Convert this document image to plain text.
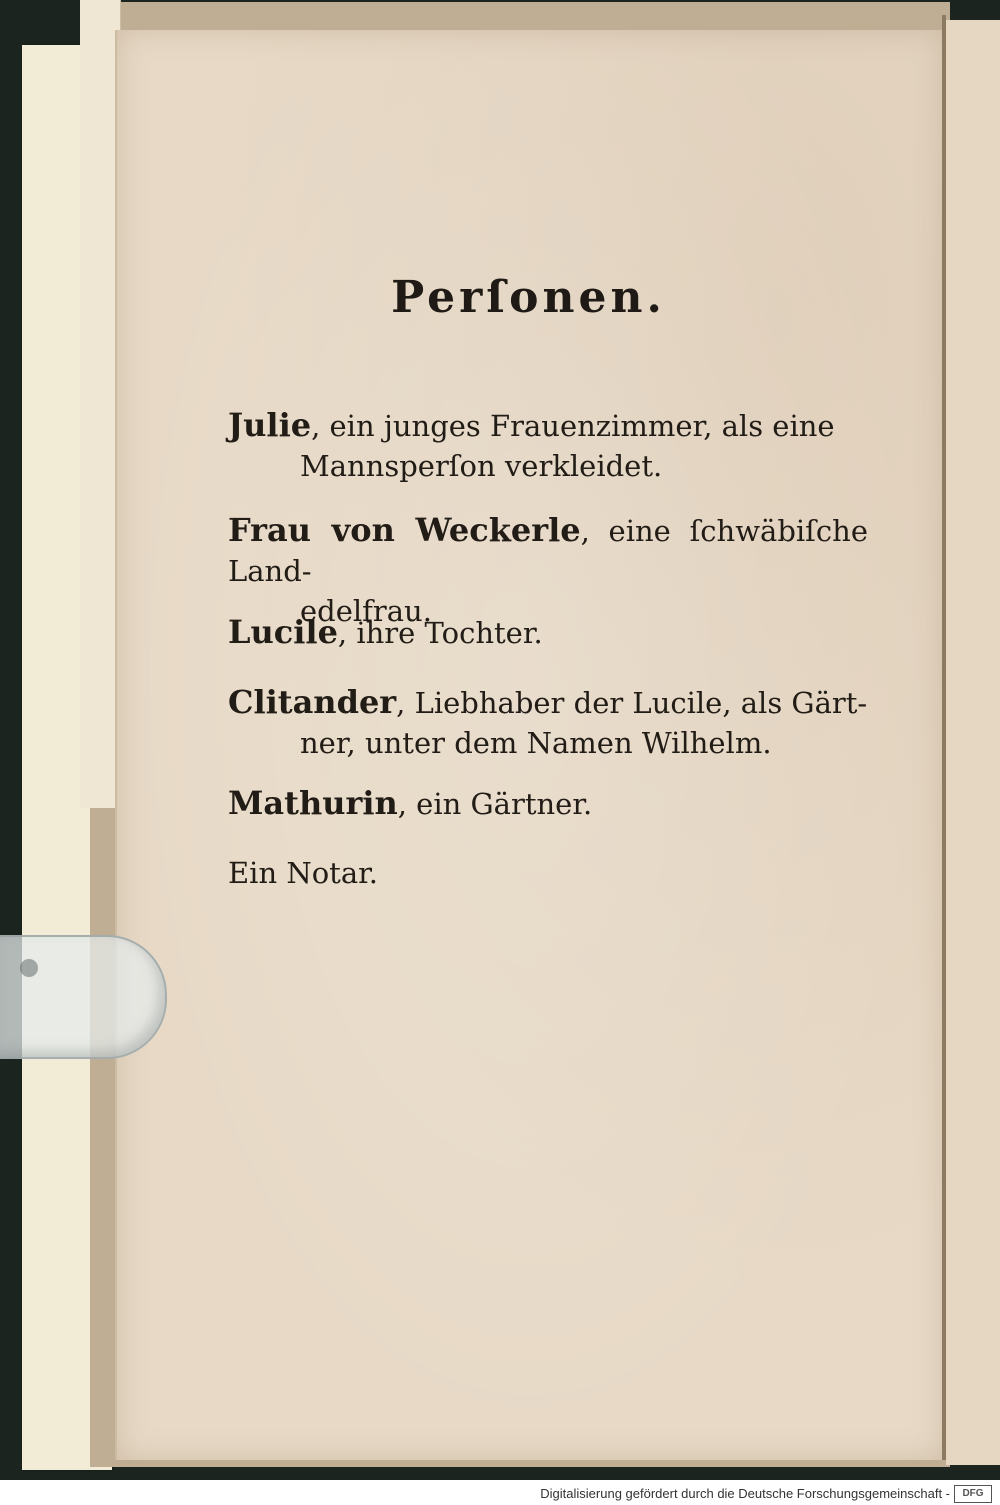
Perſonen.
Julie, ein junges Frauenzimmer, als eine
Mannsperſon verkleidet.
Frau von Weckerle, eine ſchwäbiſche Land-
edelfrau.
Lucile, ihre Tochter.
Clitander, Liebhaber der Lucile, als Gärt-
ner, unter dem Namen Wilhelm.
Mathurin, ein Gärtner.
Ein Notar.
Digitalisierung gefördert durch die Deutsche Forschungsgemeinschaft -	DFG
